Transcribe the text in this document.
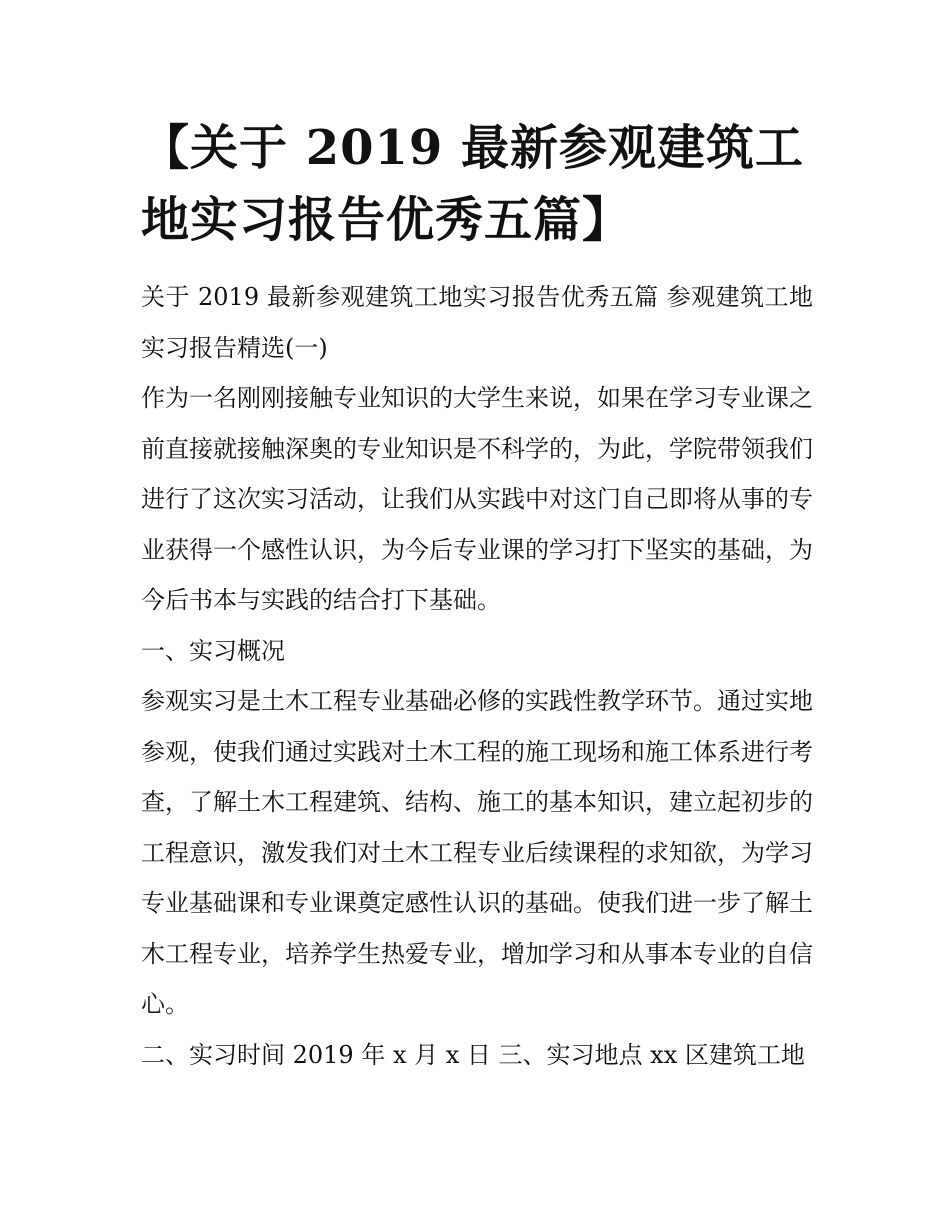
【关于 2019 最新参观建筑工地实习报告优秀五篇】

关于 2019 最新参观建筑工地实习报告优秀五篇 参观建筑工地实习报告精选(一)

作为一名刚刚接触专业知识的大学生来说，如果在学习专业课之前直接就接触深奥的专业知识是不科学的，为此，学院带领我们进行了这次实习活动，让我们从实践中对这门自己即将从事的专业获得一个感性认识，为今后专业课的学习打下坚实的基础，为今后书本与实践的结合打下基础。

一、实习概况

参观实习是土木工程专业基础必修的实践性教学环节。通过实地参观，使我们通过实践对土木工程的施工现场和施工体系进行考查，了解土木工程建筑、结构、施工的基本知识，建立起初步的工程意识，激发我们对土木工程专业后续课程的求知欲，为学习专业基础课和专业课奠定感性认识的基础。使我们进一步了解土木工程专业，培养学生热爱专业，增加学习和从事本专业的自信心。

二、实习时间 2019 年 x 月 x 日 三、实习地点 xx 区建筑工地
